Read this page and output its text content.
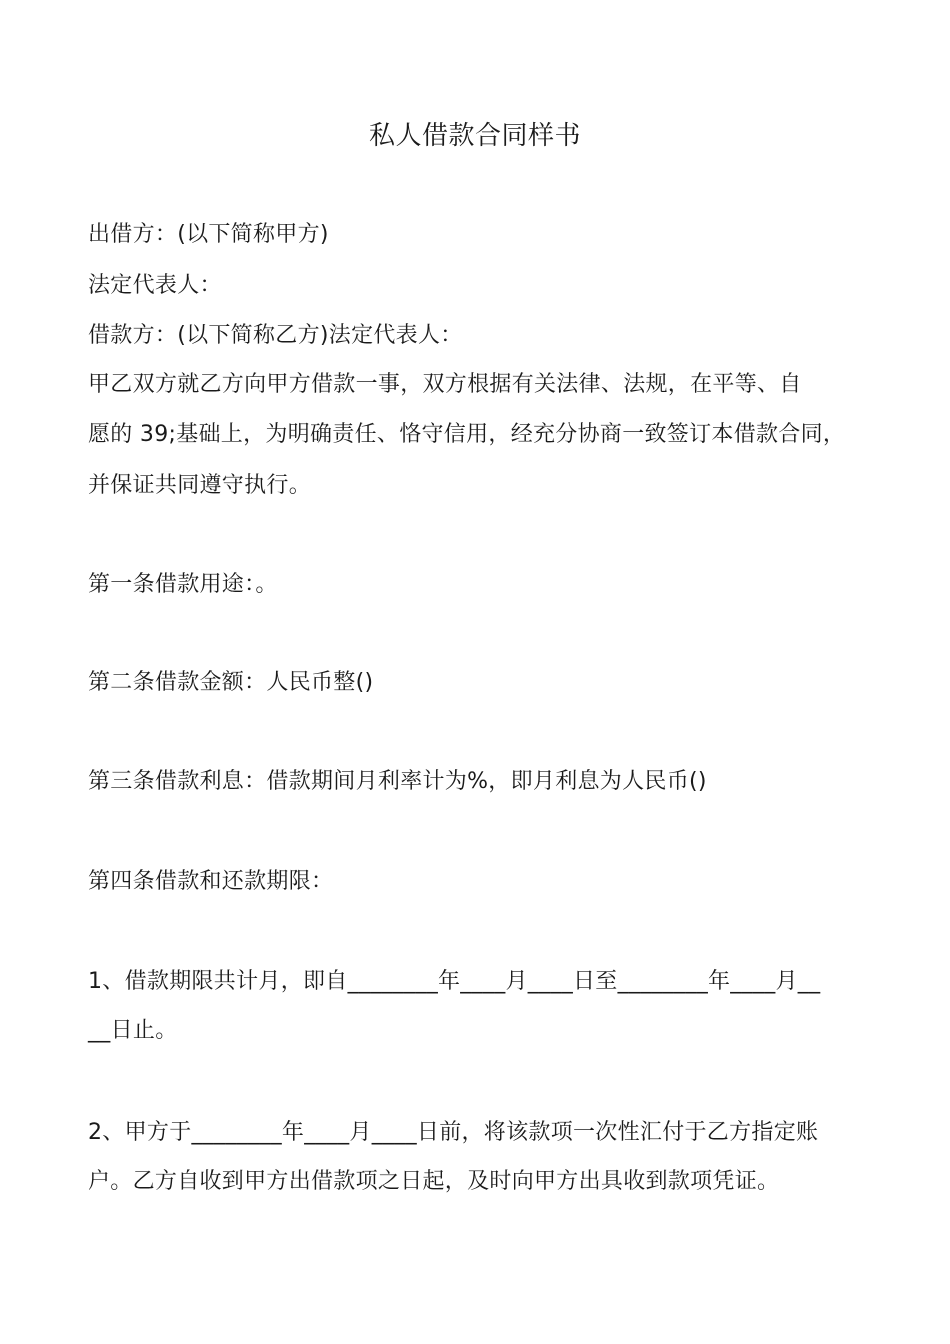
私人借款合同样书
出借方：(以下简称甲方)
法定代表人：
借款方：(以下简称乙方)法定代表人：
甲乙双方就乙方向甲方借款一事，双方根据有关法律、法规，在平等、自
愿的 39;基础上，为明确责任、恪守信用，经充分协商一致签订本借款合同，
并保证共同遵守执行。
第一条借款用途：。
第二条借款金额：人民币整()
第三条借款利息：借款期间月利率计为%，即月利息为人民币()
第四条借款和还款期限：
1、借款期限共计月，即自________年____月____日至________年____月__
__日止。
2、甲方于________年____月____日前，将该款项一次性汇付于乙方指定账
户。乙方自收到甲方出借款项之日起，及时向甲方出具收到款项凭证。
